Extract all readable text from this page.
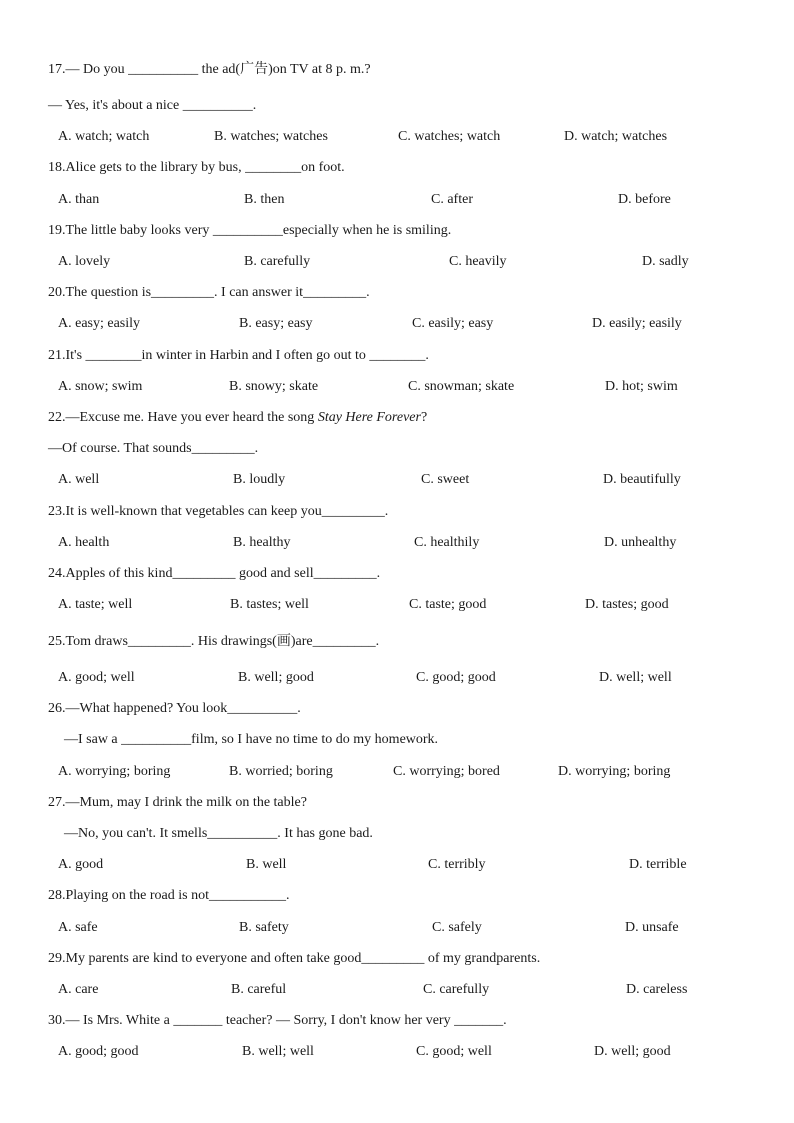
17.— Do you __________ the ad(广告)on TV at 8 p. m.?
— Yes, it's about a nice __________.
A. watch; watch	B. watches; watches	C. watches; watch	D. watch; watches
18.Alice gets to the library by bus, ________on foot.
A. than	B. then	C. after	D. before
19.The little baby looks very __________especially when he is smiling.
A. lovely	B. carefully	C. heavily	D. sadly
20.The question is_________. I can answer it_________.
A. easy; easily	B. easy; easy	C. easily; easy	D. easily; easily
21.It's ________in winter in Harbin and I often go out to ________.
A. snow; swim	B. snowy; skate	C. snowman; skate	D. hot; swim
22.—Excuse me. Have you ever heard the song Stay Here Forever?
—Of course. That sounds_________.
A. well	B. loudly	C. sweet	D. beautifully
23.It is well-known that vegetables can keep you_________.
A. health	B. healthy	C. healthily	D. unhealthy
24.Apples of this kind_________ good and sell_________.
A. taste; well	B. tastes; well	C. taste; good	D. tastes; good
25.Tom draws_________. His drawings(画)are_________.
A. good; well	B. well; good	C. good; good	D. well; well
26.—What happened? You look__________.
—I saw a __________film, so I have no time to do my homework.
A. worrying; boring	B. worried; boring	C. worrying; bored	D. worrying; boring
27.—Mum, may I drink the milk on the table?
—No, you can't. It smells__________. It has gone bad.
A. good	B. well	C. terribly	D. terrible
28.Playing on the road is not___________.
A. safe	B. safety	C. safely	D. unsafe
29.My parents are kind to everyone and often take good_________ of my grandparents.
A. care	B. careful	C. carefully	D. careless
30.— Is Mrs. White a _______ teacher? — Sorry, I don't know her very _______.
A. good; good	B. well; well	C. good; well	D. well; good
